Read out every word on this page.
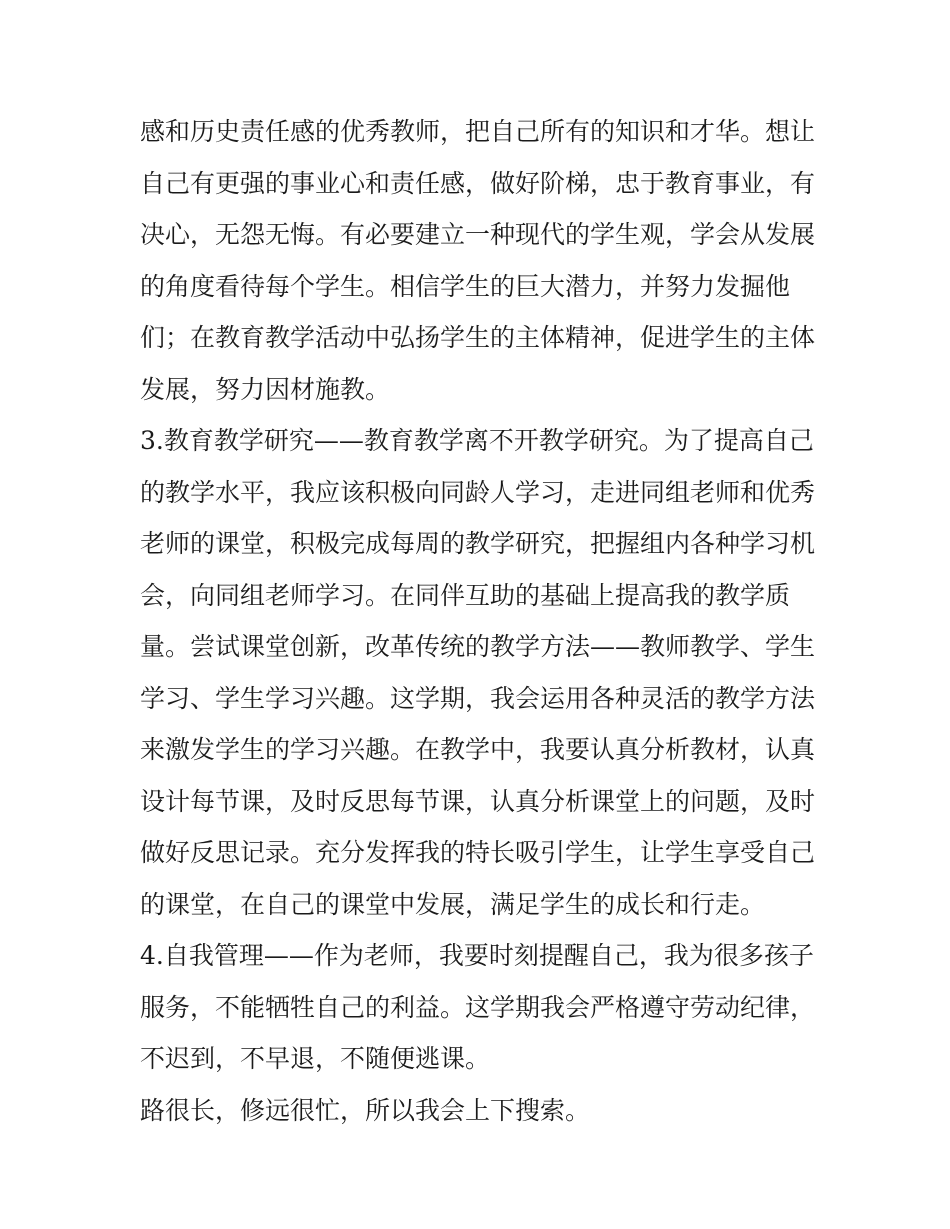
感和历史责任感的优秀教师，把自己所有的知识和才华。想让
自己有更强的事业心和责任感，做好阶梯，忠于教育事业，有
决心，无怨无悔。有必要建立一种现代的学生观，学会从发展
的角度看待每个学生。相信学生的巨大潜力，并努力发掘他
们；在教育教学活动中弘扬学生的主体精神，促进学生的主体
发展，努力因材施教。
3.教育教学研究——教育教学离不开教学研究。为了提高自己
的教学水平，我应该积极向同龄人学习，走进同组老师和优秀
老师的课堂，积极完成每周的教学研究，把握组内各种学习机
会，向同组老师学习。在同伴互助的基础上提高我的教学质
量。尝试课堂创新，改革传统的教学方法——教师教学、学生
学习、学生学习兴趣。这学期，我会运用各种灵活的教学方法
来激发学生的学习兴趣。在教学中，我要认真分析教材，认真
设计每节课，及时反思每节课，认真分析课堂上的问题，及时
做好反思记录。充分发挥我的特长吸引学生，让学生享受自己
的课堂，在自己的课堂中发展，满足学生的成长和行走。
4.自我管理——作为老师，我要时刻提醒自己，我为很多孩子
服务，不能牺牲自己的利益。这学期我会严格遵守劳动纪律，
不迟到，不早退，不随便逃课。
路很长，修远很忙，所以我会上下搜索。
